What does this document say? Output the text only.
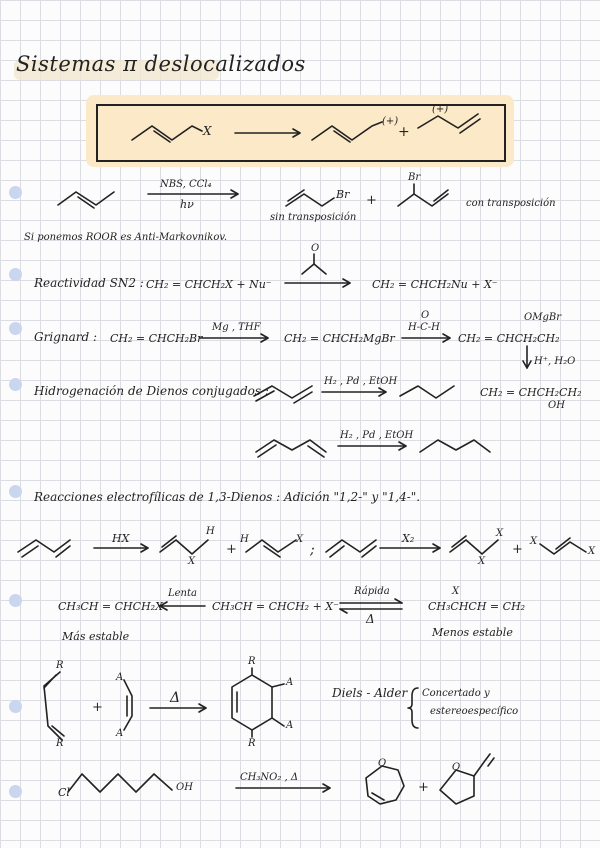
Sistemas π deslocalizados
X
(+)
+
(+)
NBS, CCl₄
hν
Br +
Br
sin transposición
con transposición
Si ponemos ROOR es Anti-Markovnikov.
Reactividad SN2 : CH₂ = CHCH₂X + Nu⁻
O
CH₂ = CHCH₂Nu + X⁻
Grignard : CH₂ = CHCH₂Br
Mg , THF
CH₂ = CHCH₂MgBr
O
H-C-H
CH₂ = CHCH₂CH₂
OMgBr
H⁺, H₂O
CH₂ = CHCH₂CH₂
OH
Hidrogenación de Dienos conjugados :
H₂ , Pd , EtOH
H₂ , Pd , EtOH
Reacciones electrofílicas de 1,3-Dienos : Adición "1,2-" y "1,4-".
HX
H
X
+
H	X
;
X₂	X
X
+
X
X
CH₃CH = CHCH₂X
Lenta
CH₃CH = CHCH₂ + X⁻
Rápida
Δ
CH₃CHCH = CH₂
X
Más estable	Menos estable
R
R
+
A
A
Δ
R
R
A
A
Diels - Alder Concertado y
estereoespecífico
Cl	OH
CH₃NO₂ , Δ
O
+
O
